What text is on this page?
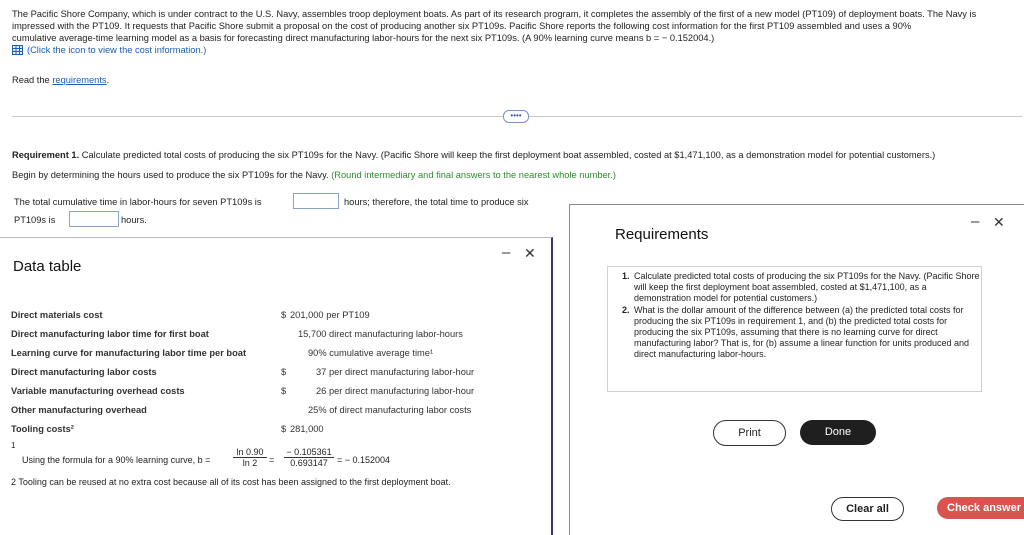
The Pacific Shore Company, which is under contract to the U.S. Navy, assembles troop deployment boats. As part of its research program, it completes the assembly of the first of a new model (PT109) of deployment boats. The Navy is
impressed with the PT109. It requests that Pacific Shore submit a proposal on the cost of producing another six PT109s. Pacific Shore reports the following cost information for the first PT109 assembled and uses a 90%
cumulative average-time learning model as a basis for forecasting direct manufacturing labor-hours for the next six PT109s. (A 90% learning curve means b = − 0.152004.)
(Click the icon to view the cost information.)
Read the requirements.
••••
Requirement 1. Calculate predicted total costs of producing the six PT109s for the Navy. (Pacific Shore will keep the first deployment boat assembled, costed at $1,471,100, as a demonstration model for potential customers.)
Begin by determining the hours used to produce the six PT109s for the Navy. (Round intermediary and final answers to the nearest whole number.)
The total cumulative time in labor-hours for seven PT109s is	hours; therefore, the total time to produce six
PT109s is	hours.
Data table
– ✕
Direct materials cost	$ 201,000 per PT109
Direct manufacturing labor time for first boat	15,700 direct manufacturing labor-hours
Learning curve for manufacturing labor time per boat	90% cumulative average time¹
Direct manufacturing labor costs	$	37 per direct manufacturing labor-hour
Variable manufacturing overhead costs	$	26 per direct manufacturing labor-hour
Other manufacturing overhead	25% of direct manufacturing labor costs
Tooling costs²	$ 281,000
1
Using the formula for a 90% learning curve, b =
ln 0.90
ln 2	=
− 0.105361
0.693147	= − 0.152004
2 Tooling can be reused at no extra cost because all of its cost has been assigned to the first deployment boat.
Requirements
– ✕
1. Calculate predicted total costs of producing the six PT109s for the Navy. (Pacific Shore will keep the first deployment boat assembled, costed at $1,471,100, as a demonstration model for potential customers.)
2. What is the dollar amount of the difference between (a) the predicted total costs for producing the six PT109s in requirement 1, and (b) the predicted total costs for producing the six PT109s, assuming that there is no learning curve for direct manufacturing labor? That is, for (b) assume a linear function for units produced and direct manufacturing labor-hours.
Print	Done
Clear all	Check answer
